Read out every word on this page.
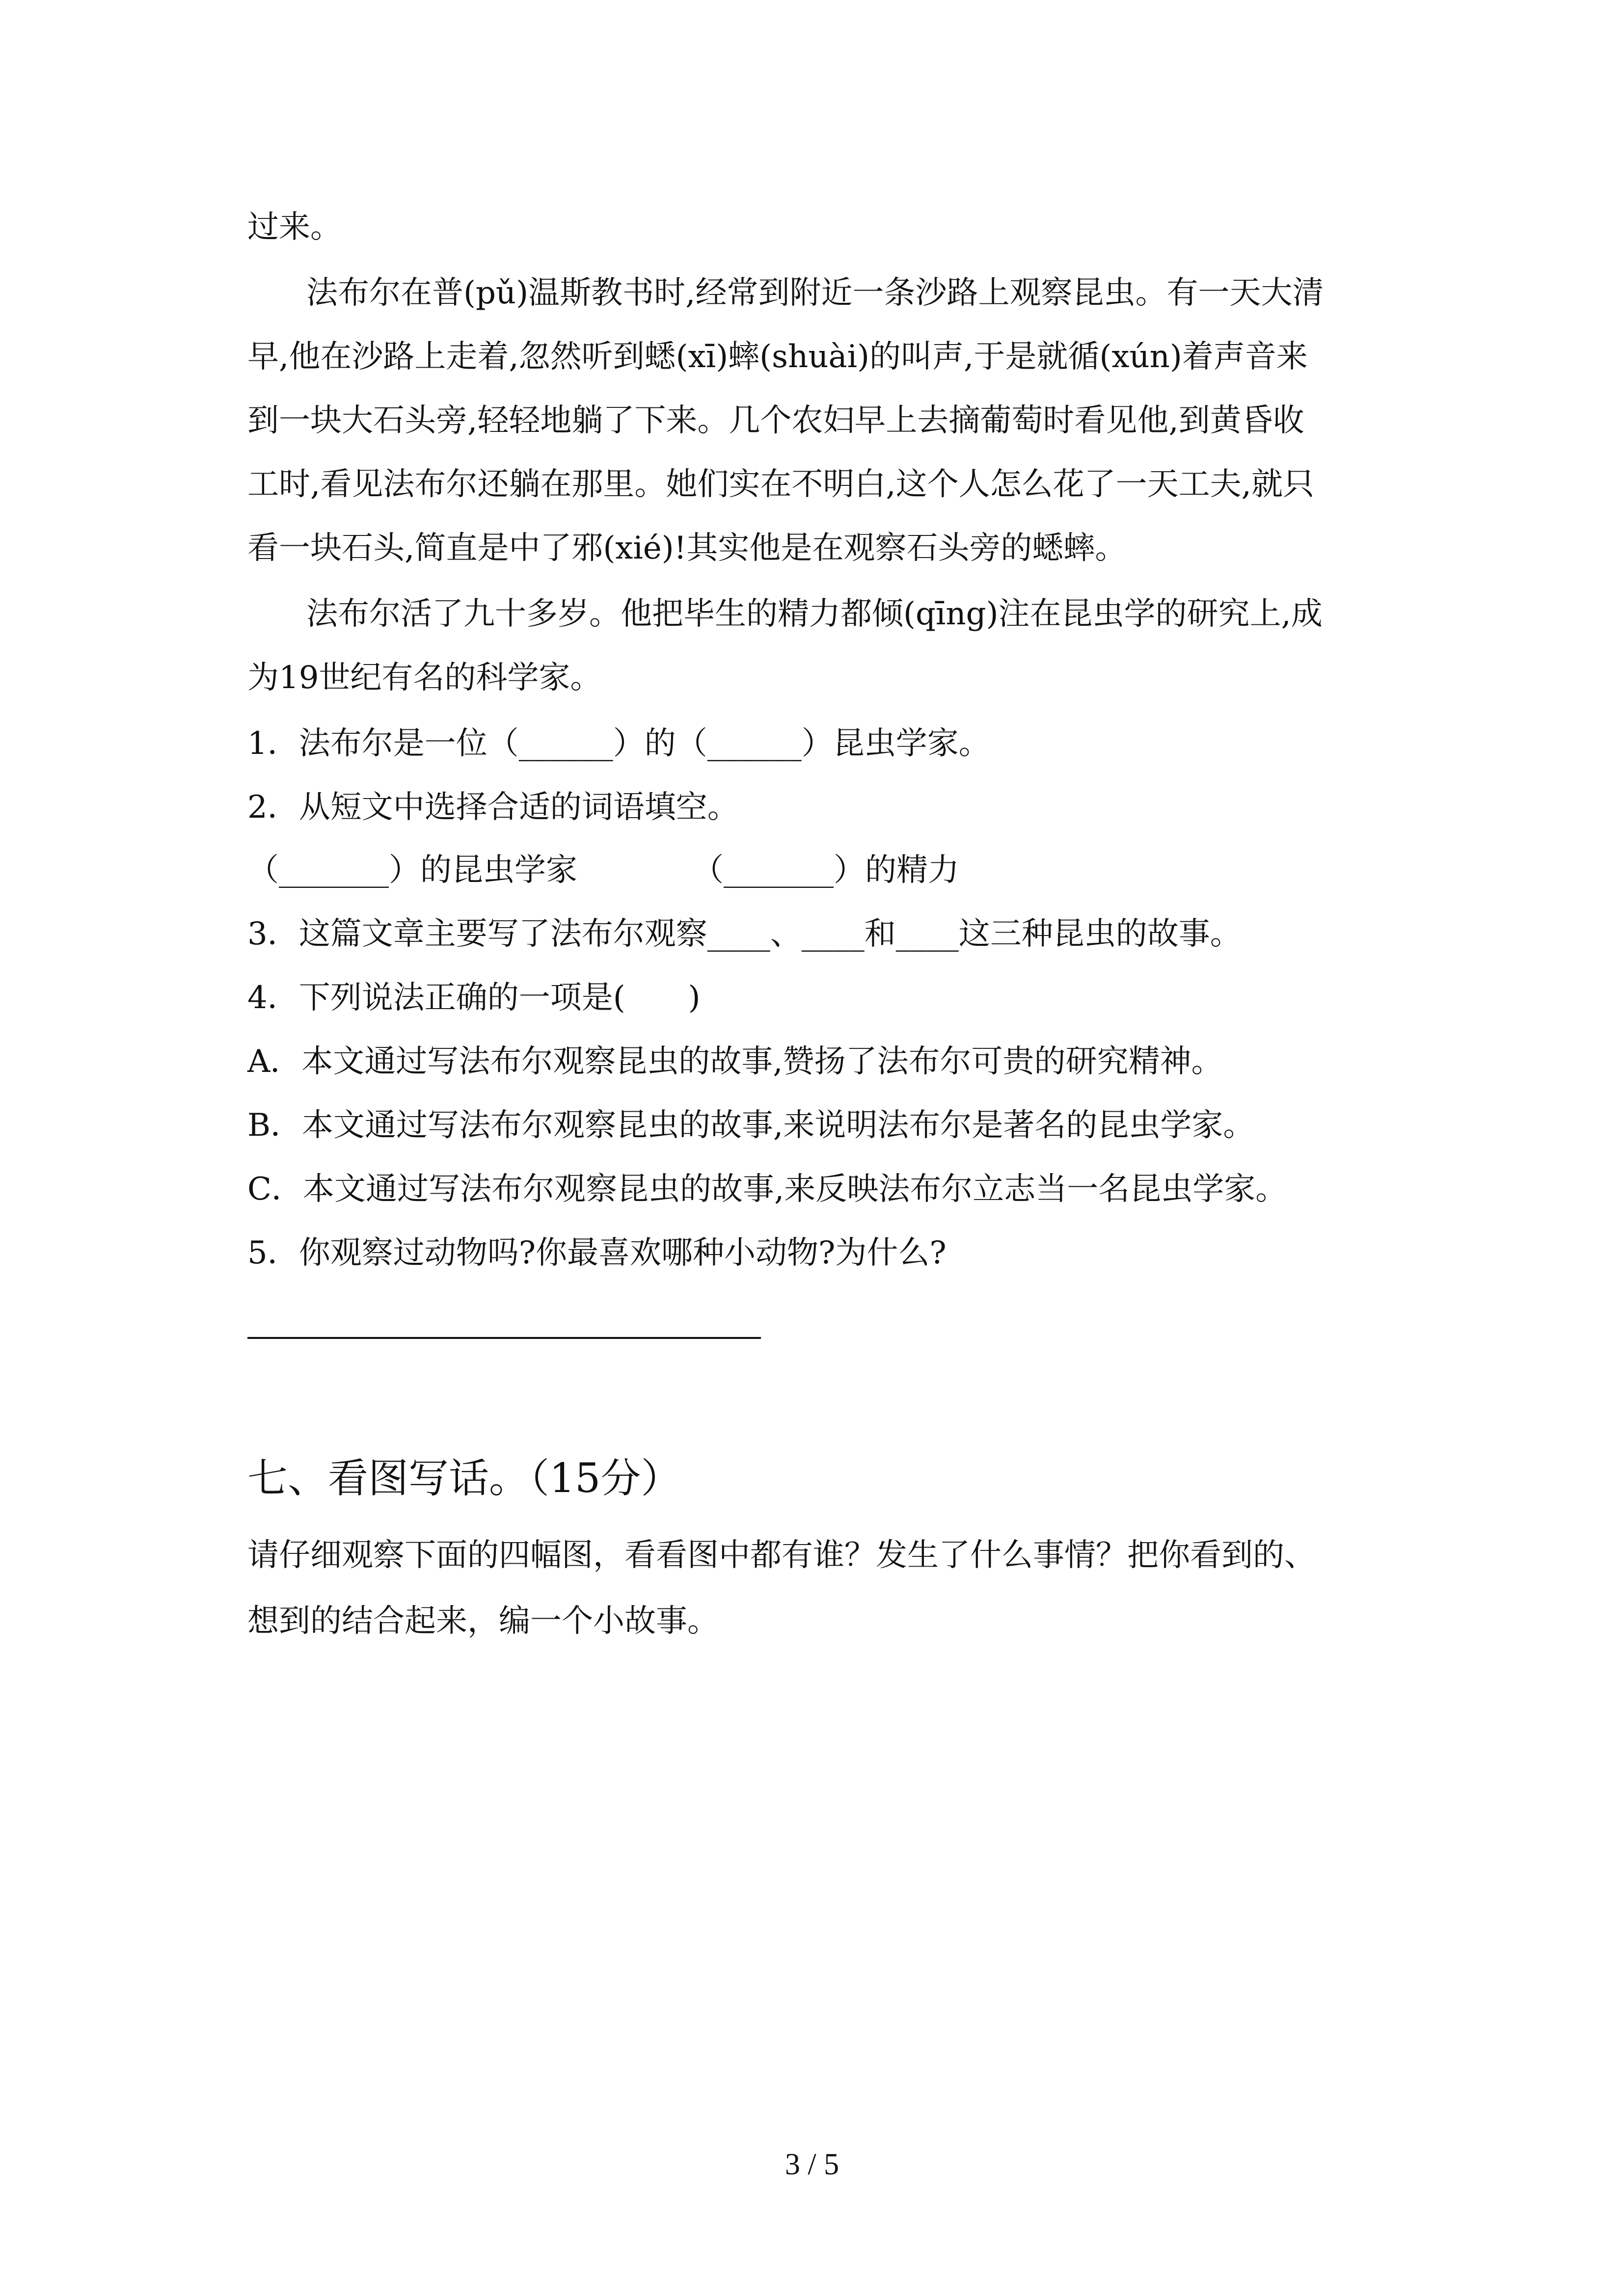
过来。
法布尔在普(pǔ)温斯教书时,经常到附近一条沙路上观察昆虫。有一天大清
早,他在沙路上走着,忽然听到蟋(xī)蟀(shuài)的叫声,于是就循(xún)着声音来
到一块大石头旁,轻轻地躺了下来。几个农妇早上去摘葡萄时看见他,到黄昏收
工时,看见法布尔还躺在那里。她们实在不明白,这个人怎么花了一天工夫,就只
看一块石头,简直是中了邪(xié)!其实他是在观察石头旁的蟋蟀。
法布尔活了九十多岁。他把毕生的精力都倾(qīng)注在昆虫学的研究上,成
为19世纪有名的科学家。
1．法布尔是一位（______）的（______）昆虫学家。
2．从短文中选择合适的词语填空。
（_______）的昆虫学家	（_______）的精力
3．这篇文章主要写了法布尔观察____、____和____这三种昆虫的故事。
4．下列说法正确的一项是(　　)
A．本文通过写法布尔观察昆虫的故事,赞扬了法布尔可贵的研究精神。
B．本文通过写法布尔观察昆虫的故事,来说明法布尔是著名的昆虫学家。
C．本文通过写法布尔观察昆虫的故事,来反映法布尔立志当一名昆虫学家。
5．你观察过动物吗?你最喜欢哪种小动物?为什么?
七、看图写话。（15分）
请仔细观察下面的四幅图，看看图中都有谁？发生了什么事情？把你看到的、
想到的结合起来，编一个小故事。
3 / 5
